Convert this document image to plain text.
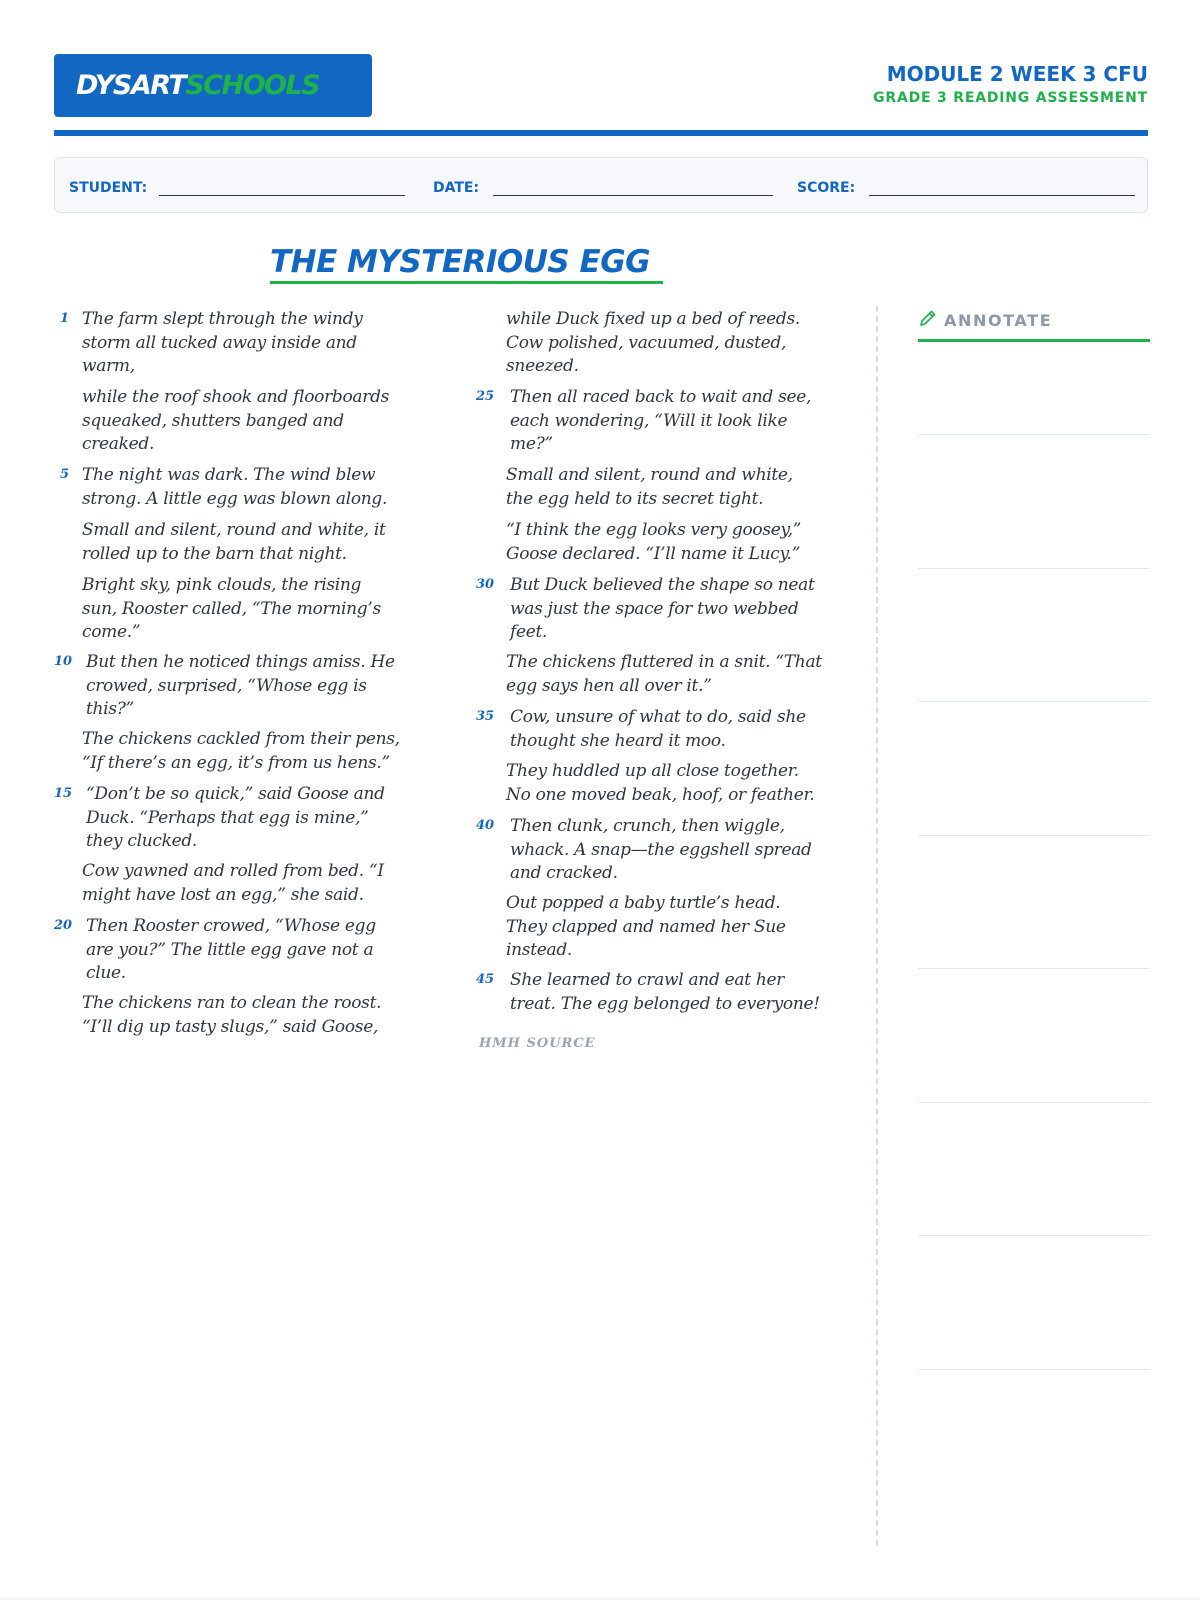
DYSART SCHOOLS	MODULE 2 WEEK 3 CFU
GRADE 3 READING ASSESSMENT
STUDENT:	DATE:	SCORE:
THE MYSTERIOUS EGG
The farm slept through the windy
storm all tucked away inside and
warm,
1
while the roof shook and floorboards
squeaked, shutters banged and
creaked.
The night was dark. The wind blew
strong. A little egg was blown along.
5
Small and silent, round and white, it
rolled up to the barn that night.
Bright sky, pink clouds, the rising
sun, Rooster called, “The morning’s
come.”
But then he noticed things amiss. He
crowed, surprised, “Whose egg is
this?”
10
The chickens cackled from their pens,
“If there’s an egg, it’s from us hens.”
“Don’t be so quick,” said Goose and
Duck. “Perhaps that egg is mine,”
they clucked.
15
Cow yawned and rolled from bed. “I
might have lost an egg,” she said.
Then Rooster crowed, “Whose egg
are you?” The little egg gave not a
clue.
20
The chickens ran to clean the roost.
“I’ll dig up tasty slugs,” said Goose,
while Duck fixed up a bed of reeds.
Cow polished, vacuumed, dusted,
sneezed.
Then all raced back to wait and see,
each wondering, “Will it look like
me?”
25
Small and silent, round and white,
the egg held to its secret tight.
“I think the egg looks very goosey,”
Goose declared. “I’ll name it Lucy.”
But Duck believed the shape so neat
was just the space for two webbed
feet.
30
The chickens fluttered in a snit. “That
egg says hen all over it.”
Cow, unsure of what to do, said she
thought she heard it moo.
35
They huddled up all close together.
No one moved beak, hoof, or feather.
Then clunk, crunch, then wiggle,
whack. A snap—the eggshell spread
and cracked.
40
Out popped a baby turtle’s head.
They clapped and named her Sue
instead.
She learned to crawl and eat her
treat. The egg belonged to everyone!
45
HMH SOURCE
ANNOTATE
